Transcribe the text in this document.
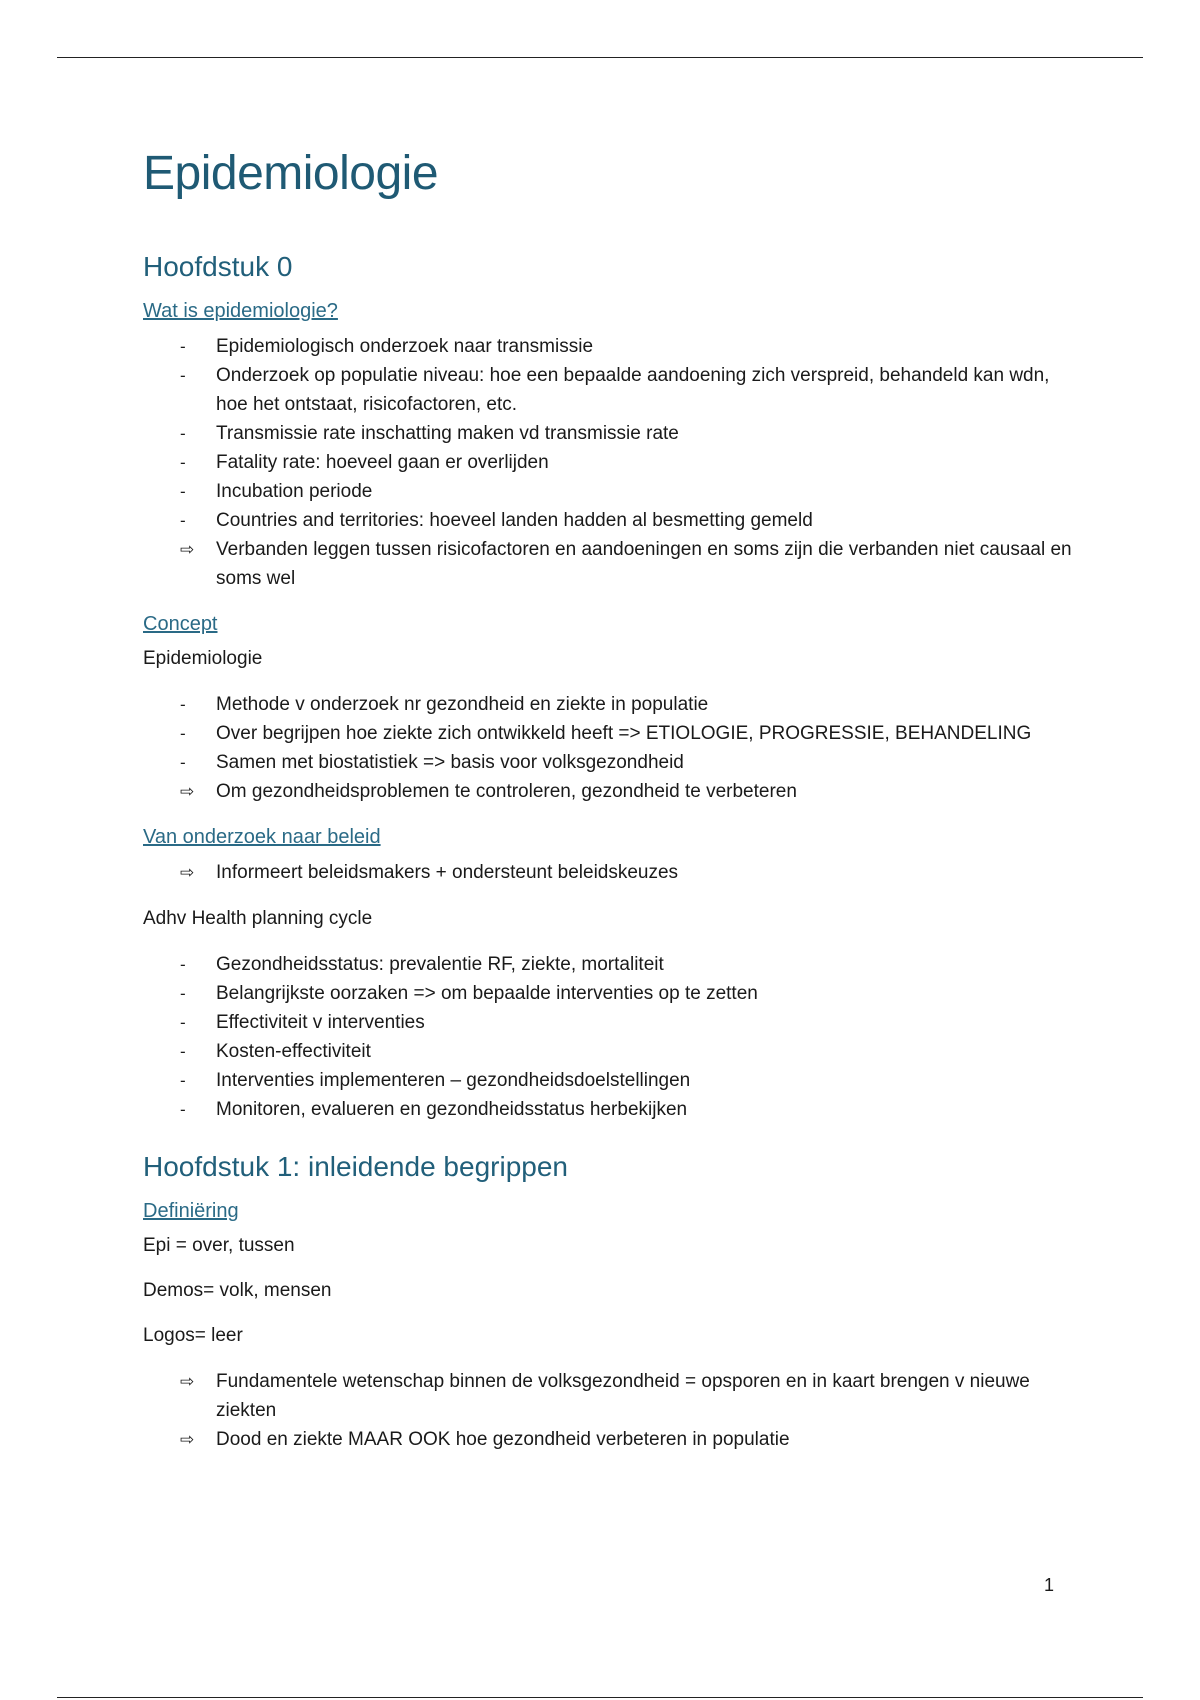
Epidemiologie
Hoofdstuk 0
Wat is epidemiologie?
-	Epidemiologisch onderzoek naar transmissie
-	Onderzoek op populatie niveau: hoe een bepaalde aandoening zich verspreid, behandeld kan wdn, hoe het ontstaat, risicofactoren, etc.
-	Transmissie rate inschatting maken vd transmissie rate
-	Fatality rate: hoeveel gaan er overlijden
-	Incubation periode
-	Countries and territories: hoeveel landen hadden al besmetting gemeld
⇨	Verbanden leggen tussen risicofactoren en aandoeningen en soms zijn die verbanden niet causaal en soms wel
Concept

Epidemiologie

-	Methode v onderzoek nr gezondheid en ziekte in populatie
-	Over begrijpen hoe ziekte zich ontwikkeld heeft => ETIOLOGIE, PROGRESSIE, BEHANDELING
-	Samen met biostatistiek => basis voor volksgezondheid
⇨	Om gezondheidsproblemen te controleren, gezondheid te verbeteren
Van onderzoek naar beleid
⇨	Informeert beleidsmakers + ondersteunt beleidskeuzes

Adhv Health planning cycle

-	Gezondheidsstatus: prevalentie RF, ziekte, mortaliteit
-	Belangrijkste oorzaken => om bepaalde interventies op te zetten
-	Effectiviteit v interventies
-	Kosten-effectiviteit
-	Interventies implementeren – gezondheidsdoelstellingen
-	Monitoren, evalueren en gezondheidsstatus herbekijken
Hoofdstuk 1: inleidende begrippen
Definiëring

Epi = over, tussen

Demos= volk, mensen

Logos= leer

⇨	Fundamentele wetenschap binnen de volksgezondheid = opsporen en in kaart brengen v nieuwe ziekten
⇨	Dood en ziekte MAAR OOK hoe gezondheid verbeteren in populatie
1
